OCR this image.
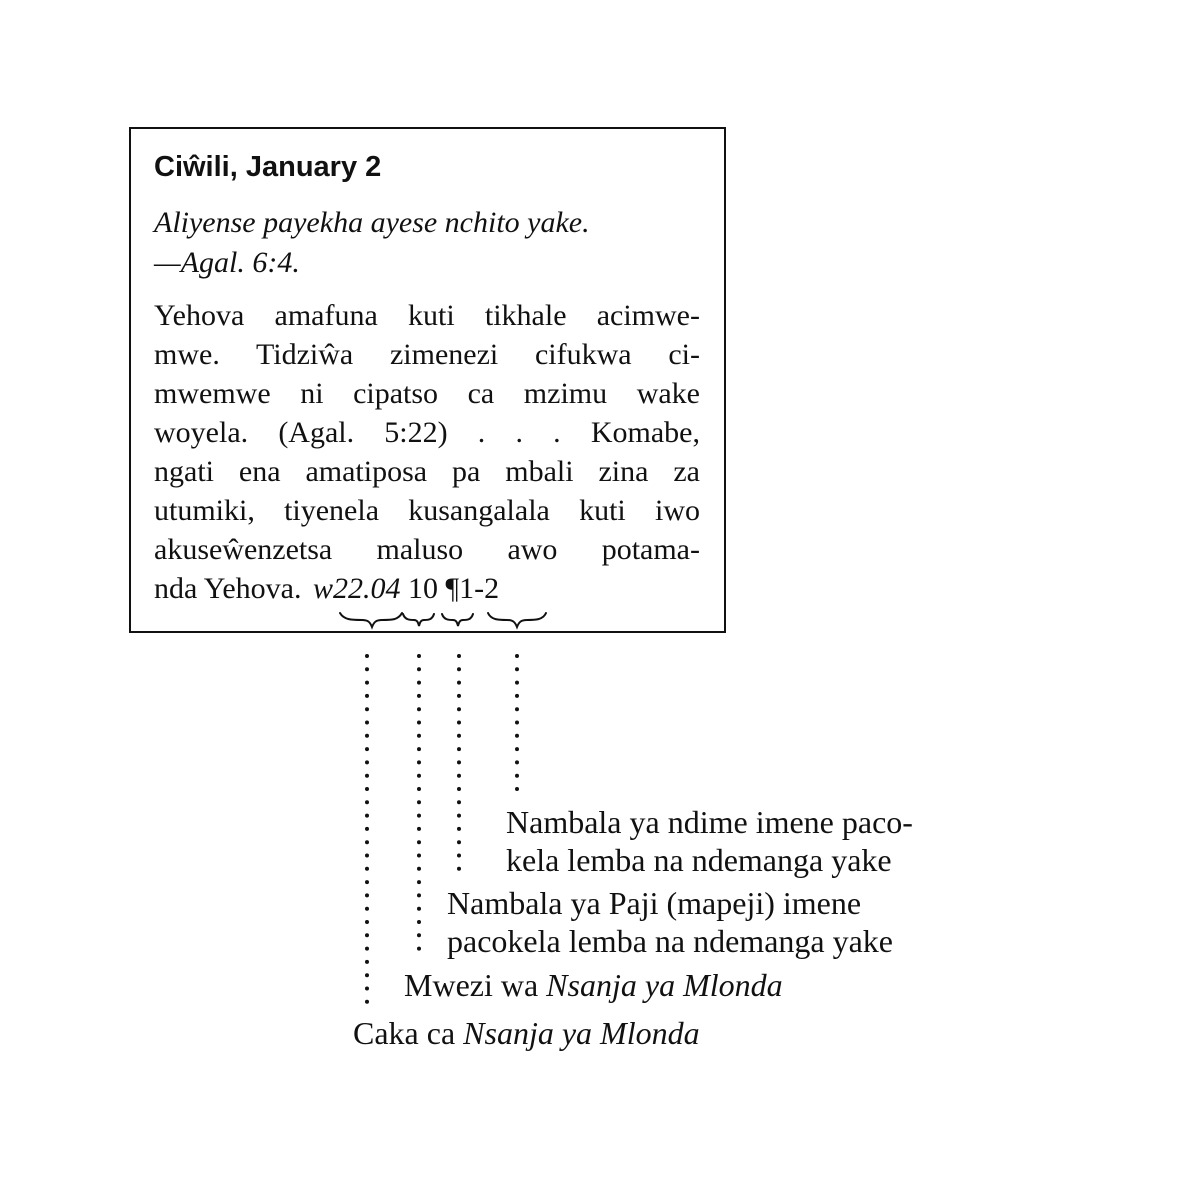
Ciŵili, January 2
Aliyense payekha ayese nchito yake.
—Agal. 6:4.
Yehova amafuna kuti tikhale acimwe-
mwe. Tidziŵa zimenezi cifukwa ci-
mwemwe ni cipatso ca mzimu wake
woyela. (Agal. 5:22) . . . Komabe,
ngati ena amatiposa pa mbali zina za
utumiki, tiyenela kusangalala kuti iwo
akuseŵenzetsa maluso awo potama-
nda Yehova. w22.04 10 ¶1-2
Nambala ya ndime imene paco-
kela lemba na ndemanga yake
Nambala ya Paji (mapeji) imene
pacokela lemba na ndemanga yake
Mwezi wa Nsanja ya Mlonda
Caka ca Nsanja ya Mlonda
